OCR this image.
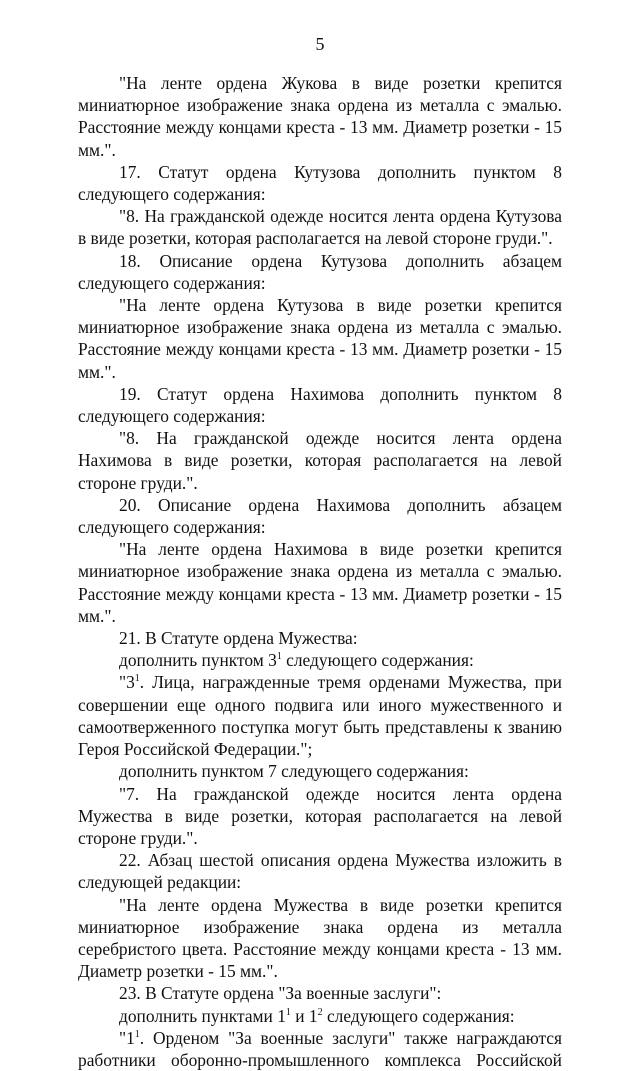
5

"На ленте ордена Жукова в виде розетки крепится миниатюрное изображение знака ордена из металла с эмалью. Расстояние между концами креста - 13 мм. Диаметр розетки - 15 мм.".

17. Статут ордена Кутузова дополнить пунктом 8 следующего содержания:

"8. На гражданской одежде носится лента ордена Кутузова в виде розетки, которая располагается на левой стороне груди.".

18. Описание ордена Кутузова дополнить абзацем следующего содержания:

"На ленте ордена Кутузова в виде розетки крепится миниатюрное изображение знака ордена из металла с эмалью. Расстояние между концами креста - 13 мм. Диаметр розетки - 15 мм.".

19. Статут ордена Нахимова дополнить пунктом 8 следующего содержания:

"8. На гражданской одежде носится лента ордена Нахимова в виде розетки, которая располагается на левой стороне груди.".

20. Описание ордена Нахимова дополнить абзацем следующего содержания:

"На ленте ордена Нахимова в виде розетки крепится миниатюрное изображение знака ордена из металла с эмалью. Расстояние между концами креста - 13 мм. Диаметр розетки - 15 мм.".

21. В Статуте ордена Мужества:

дополнить пунктом $3^1$ следующего содержания:

"$3^1$. Лица, награжденные тремя орденами Мужества, при совершении еще одного подвига или иного мужественного и самоотверженного поступка могут быть представлены к званию Героя Российской Федерации.";

дополнить пунктом 7 следующего содержания:

"7. На гражданской одежде носится лента ордена Мужества в виде розетки, которая располагается на левой стороне груди.".

22. Абзац шестой описания ордена Мужества изложить в следующей редакции:

"На ленте ордена Мужества в виде розетки крепится миниатюрное изображение знака ордена из металла серебристого цвета. Расстояние между концами креста - 13 мм. Диаметр розетки - 15 мм.".

23. В Статуте ордена "За военные заслуги":

дополнить пунктами $1^1$ и $1^2$ следующего содержания:

"$1^1$. Орденом "За военные заслуги" также награждаются работники оборонно-промышленного комплекса Российской
